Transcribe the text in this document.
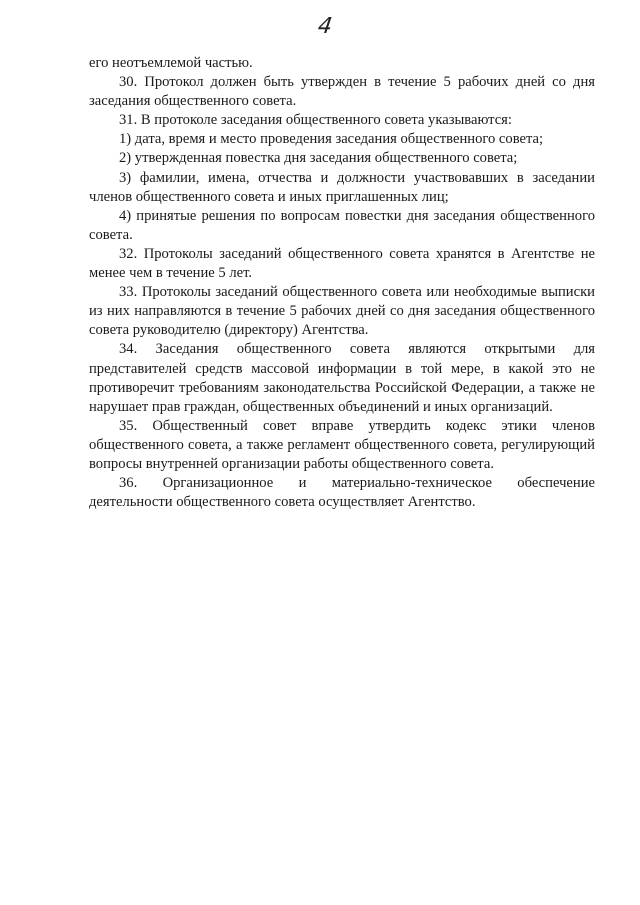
4

его неотъемлемой частью.

30. Протокол должен быть утвержден в течение 5 рабочих дней со дня заседания общественного совета.

31. В протоколе заседания общественного совета указываются:

1) дата, время и место проведения заседания общественного совета;

2) утвержденная повестка дня заседания общественного совета;

3) фамилии, имена, отчества и должности участвовавших в заседании членов общественного совета и иных приглашенных лиц;

4) принятые решения по вопросам повестки дня заседания общественного совета.

32. Протоколы заседаний общественного совета хранятся в Агентстве не менее чем в течение 5 лет.

33. Протоколы заседаний общественного совета или необходимые выписки из них направляются в течение 5 рабочих дней со дня заседания общественного совета руководителю (директору) Агентства.

34. Заседания общественного совета являются открытыми для представителей средств массовой информации в той мере, в какой это не противоречит требованиям законодательства Российской Федерации, а также не нарушает прав граждан, общественных объединений и иных организаций.

35. Общественный совет вправе утвердить кодекс этики членов общественного совета, а также регламент общественного совета, регулирующий вопросы внутренней организации работы общественного совета.

36. Организационное и материально-техническое обеспечение деятельности общественного совета осуществляет Агентство.
